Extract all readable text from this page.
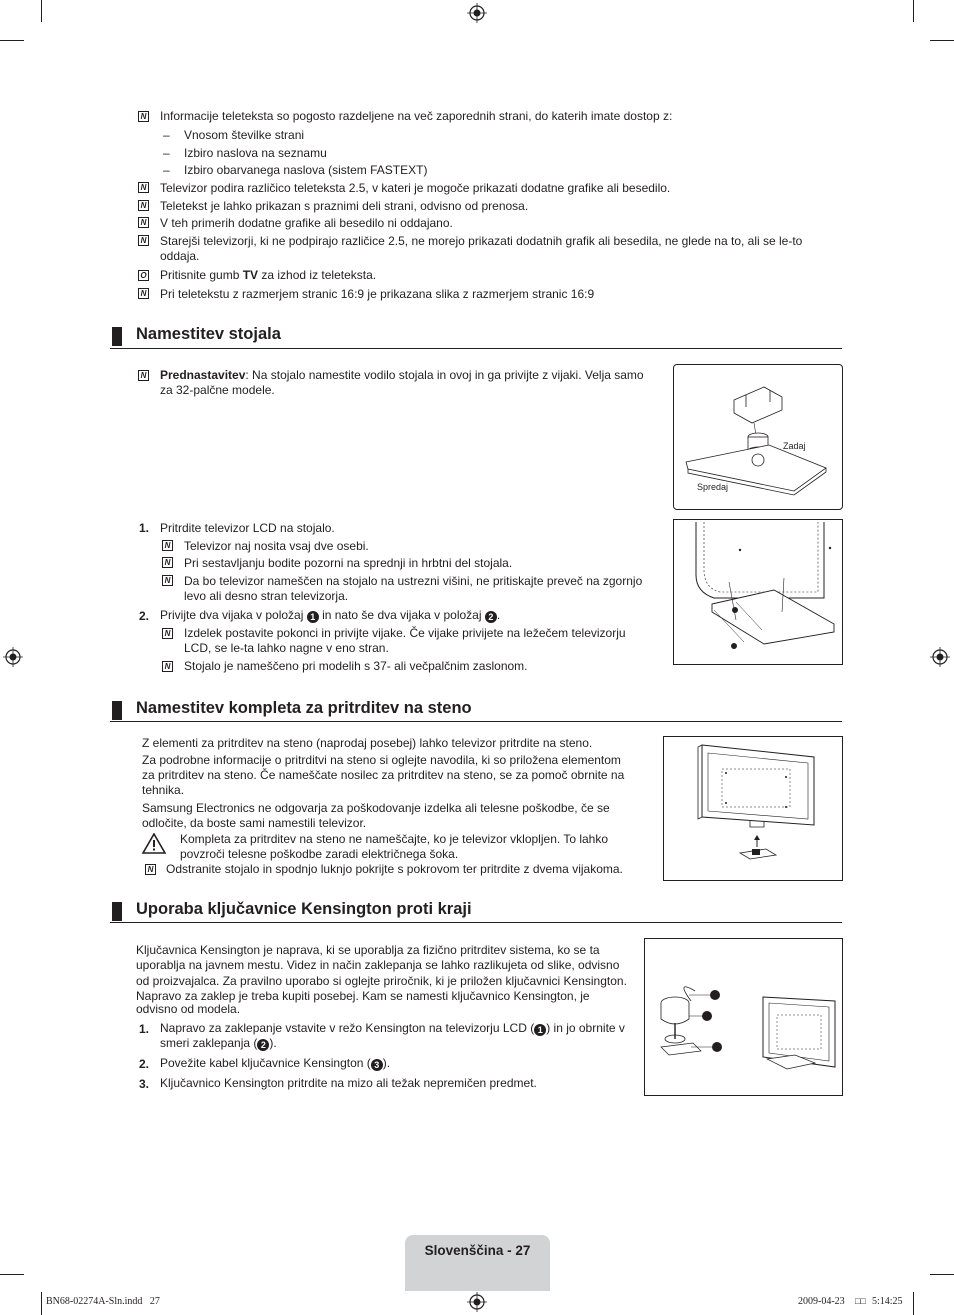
N Informacije teleteksta so pogosto razdeljene na več zaporednih strani, do katerih imate dostop z:
– Vnosom številke strani
– Izbiro naslova na seznamu
– Izbiro obarvanega naslova (sistem FASTEXT)
N Televizor podira različico teleteksta 2.5, v kateri je mogoče prikazati dodatne grafike ali besedilo.
N Teletekst je lahko prikazan s praznimi deli strani, odvisno od prenosa.
N V teh primerih dodatne grafike ali besedilo ni oddajano.
N Starejši televizorji, ki ne podpirajo različice 2.5, ne morejo prikazati dodatnih grafik ali besedila, ne glede na to, ali se le-to
oddaja.
O Pritisnite gumb TV za izhod iz teleteksta.
N Pri teletekstu z razmerjem stranic 16:9 je prikazana slika z razmerjem stranic 16:9
Namestitev stojala
N Prednastavitev: Na stojalo namestite vodilo stojala in ovoj in ga privijte z vijaki. Velja samo
za 32-palčne modele.
Zadaj
Spredaj
1. Pritrdite televizor LCD na stojalo.
N Televizor naj nosita vsaj dve osebi.
N Pri sestavljanju bodite pozorni na sprednji in hrbtni del stojala.
N Da bo televizor nameščen na stojalo na ustrezni višini, ne pritiskajte preveč na zgornjo
levo ali desno stran televizorja.
2. Privijte dva vijaka v položaj 1 in nato še dva vijaka v položaj 2 .
N Izdelek postavite pokonci in privijte vijake. Če vijake privijete na ležečem televizorju
LCD, se le-ta lahko nagne v eno stran.
N Stojalo je nameščeno pri modelih s 37- ali večpalčnim zaslonom.
Namestitev kompleta za pritrditev na steno
Z elementi za pritrditev na steno (naprodaj posebej) lahko televizor pritrdite na steno.
Za podrobne informacije o pritrditvi na steno si oglejte navodila, ki so priložena elementom
za pritrditev na steno. Če nameščate nosilec za pritrditev na steno, se za pomoč obrnite na
tehnika.
Samsung Electronics ne odgovarja za poškodovanje izdelka ali telesne poškodbe, če se
odločite, da boste sami namestili televizor.
Kompleta za pritrditev na steno ne nameščajte, ko je televizor vklopljen. To lahko
povzroči telesne poškodbe zaradi električnega šoka.
N Odstranite stojalo in spodnjo luknjo pokrijte s pokrovom ter pritrdite z dvema vijakoma.
Uporaba ključavnice Kensington proti kraji
Ključavnica Kensington je naprava, ki se uporablja za fizično pritrditev sistema, ko se ta
uporablja na javnem mestu. Videz in način zaklepanja se lahko razlikujeta od slike, odvisno
od proizvajalca. Za pravilno uporabo si oglejte priročnik, ki je priložen ključavnici Kensington.
Napravo za zaklep je treba kupiti posebej. Kam se namesti ključavnico Kensington, je
odvisno od modela.
1. Napravo za zaklepanje vstavite v režo Kensington na televizorju LCD ( 1 ) in jo obrnite v
smeri zaklepanja ( 2 ).
2. Povežite kabel ključavnice Kensington ( 3 ).
3. Ključavnico Kensington pritrdite na mizo ali težak nepremičen predmet.
Slovenščina - 27
BN68-02274A-Sln.indd   27	2009-04-23 □□ 5:14:25
